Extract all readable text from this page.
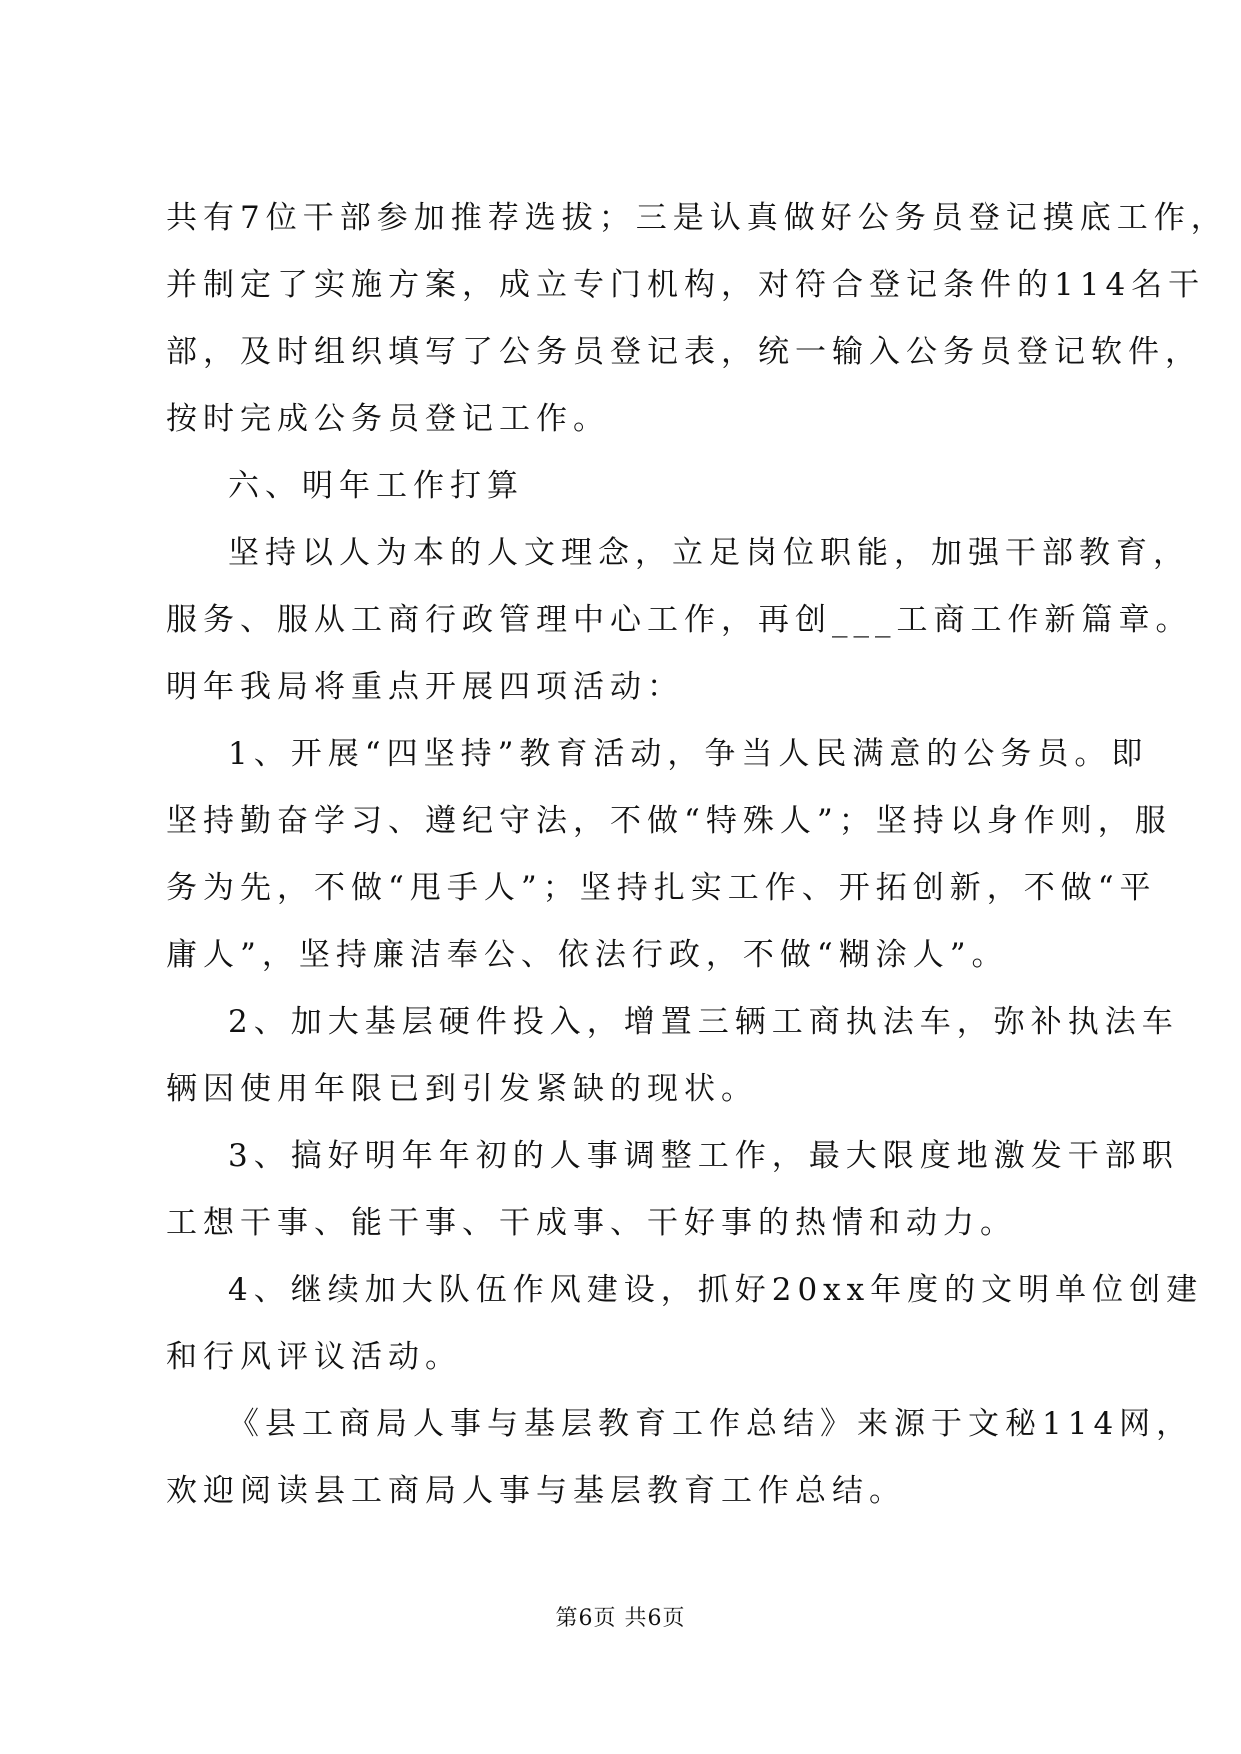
共有7位干部参加推荐选拔；三是认真做好公务员登记摸底工作，
并制定了实施方案，成立专门机构，对符合登记条件的114名干
部，及时组织填写了公务员登记表，统一输入公务员登记软件，
按时完成公务员登记工作。
六、明年工作打算
坚持以人为本的人文理念，立足岗位职能，加强干部教育，
服务、服从工商行政管理中心工作，再创___工商工作新篇章。
明年我局将重点开展四项活动：
1、开展“四坚持”教育活动，争当人民满意的公务员。即
坚持勤奋学习、遵纪守法，不做“特殊人”；坚持以身作则，服
务为先，不做“甩手人”；坚持扎实工作、开拓创新，不做“平
庸人”，坚持廉洁奉公、依法行政，不做“糊涂人”。
2、加大基层硬件投入，增置三辆工商执法车，弥补执法车
辆因使用年限已到引发紧缺的现状。
3、搞好明年年初的人事调整工作，最大限度地激发干部职
工想干事、能干事、干成事、干好事的热情和动力。
4、继续加大队伍作风建设，抓好20xx年度的文明单位创建
和行风评议活动。
《县工商局人事与基层教育工作总结》来源于文秘114网，
欢迎阅读县工商局人事与基层教育工作总结。
第6页 共6页
